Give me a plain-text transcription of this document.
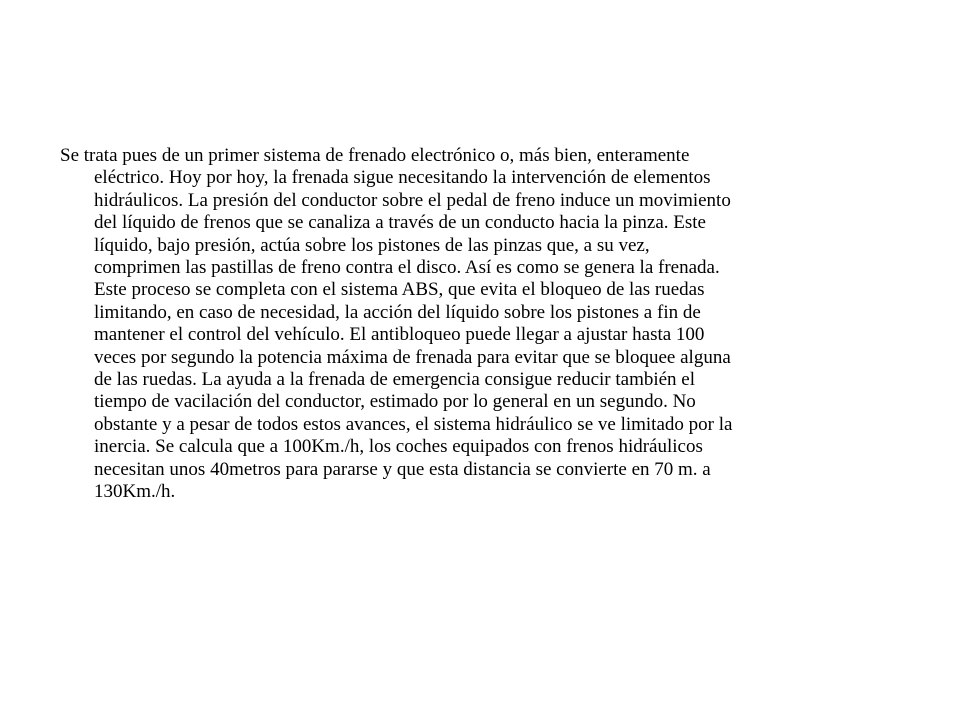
Se trata pues de un primer sistema de frenado electrónico o, más bien, enteramente
eléctrico. Hoy por hoy, la frenada sigue necesitando la intervención de elementos
hidráulicos. La presión del conductor sobre el pedal de freno induce un movimiento
del líquido de frenos que se canaliza a través de un conducto hacia la pinza. Este
líquido, bajo presión, actúa sobre los pistones de las pinzas que, a su vez,
comprimen las pastillas de freno contra el disco. Así es como se genera la frenada.
Este proceso se completa con el sistema ABS, que evita el bloqueo de las ruedas
limitando, en caso de necesidad, la acción del líquido sobre los pistones a fin de
mantener el control del vehículo. El antibloqueo puede llegar a ajustar hasta 100
veces por segundo la potencia máxima de frenada para evitar que se bloquee alguna
de las ruedas. La ayuda a la frenada de emergencia consigue reducir también el
tiempo de vacilación del conductor, estimado por lo general en un segundo. No
obstante y a pesar de todos estos avances, el sistema hidráulico se ve limitado por la
inercia. Se calcula que a 100Km./h, los coches equipados con frenos hidráulicos
necesitan unos 40metros para pararse y que esta distancia se convierte en 70 m. a
130Km./h.
